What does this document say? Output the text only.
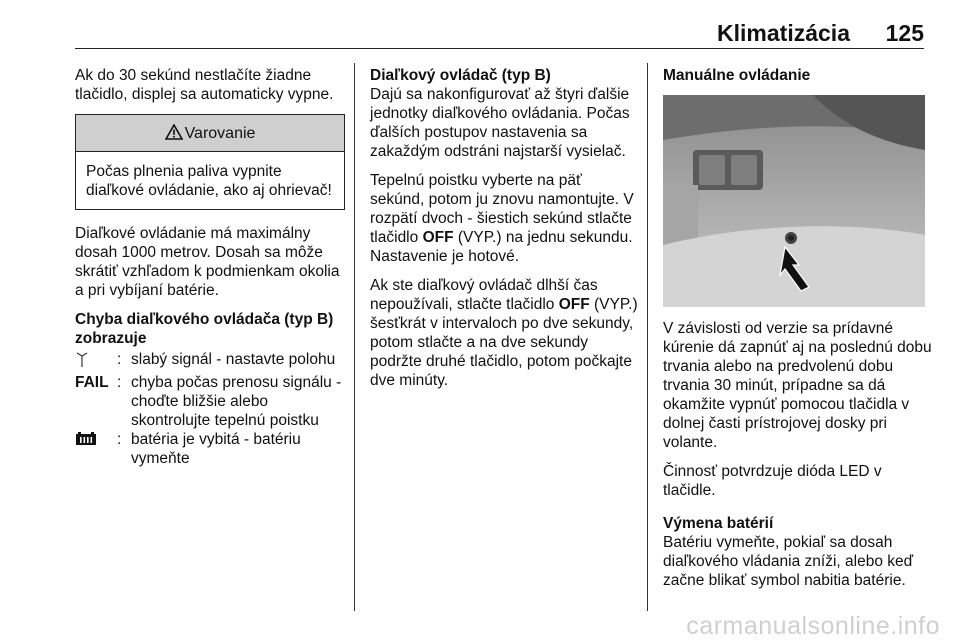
Klimatizácia 125

Ak do 30 sekúnd nestlačíte žiadne tlačidlo, displej sa automaticky vypne.

Varovanie
Počas plnenia paliva vypnite diaľkové ovládanie, ako aj ohrievač!

Diaľkové ovládanie má maximálny dosah 1000 metrov. Dosah sa môže skrátiť vzhľadom k podmienkam okolia a pri vybíjaní batérie.

Chyba diaľkového ovládača (typ B) zobrazuje
: slabý signál - nastavte polohu
FAIL : chyba počas prenosu signálu - choďte bližšie alebo skontrolujte tepelnú poistku
: batéria je vybitá - batériu vymeňte
Diaľkový ovládač (typ B)

Dajú sa nakonfigurovať až štyri ďalšie jednotky diaľkového ovládania. Počas ďalších postupov nastavenia sa zakaždým odstráni najstarší vysielač.

Tepelnú poistku vyberte na päť sekúnd, potom ju znovu namontujte. V rozpätí dvoch - šiestich sekúnd stlačte tlačidlo OFF (VYP.) na jednu sekundu. Nastavenie je hotové.

Ak ste diaľkový ovládač dlhší čas nepoužívali, stlačte tlačidlo OFF (VYP.) šesťkrát v intervaloch po dve sekundy, potom stlačte a na dve sekundy podržte druhé tlačidlo, potom počkajte dve minúty.

Manuálne ovládanie

V závislosti od verzie sa prídavné kúrenie dá zapnúť aj na poslednú dobu trvania alebo na predvolenú dobu trvania 30 minút, prípadne sa dá okamžite vypnúť pomocou tlačidla v dolnej časti prístrojovej dosky pri volante.

Činnosť potvrdzuje dióda LED v tlačidle.

Výmena batérií

Batériu vymeňte, pokiaľ sa dosah diaľkového vládania zníži, alebo keď začne blikať symbol nabitia batérie.

carmanualsonline.info
